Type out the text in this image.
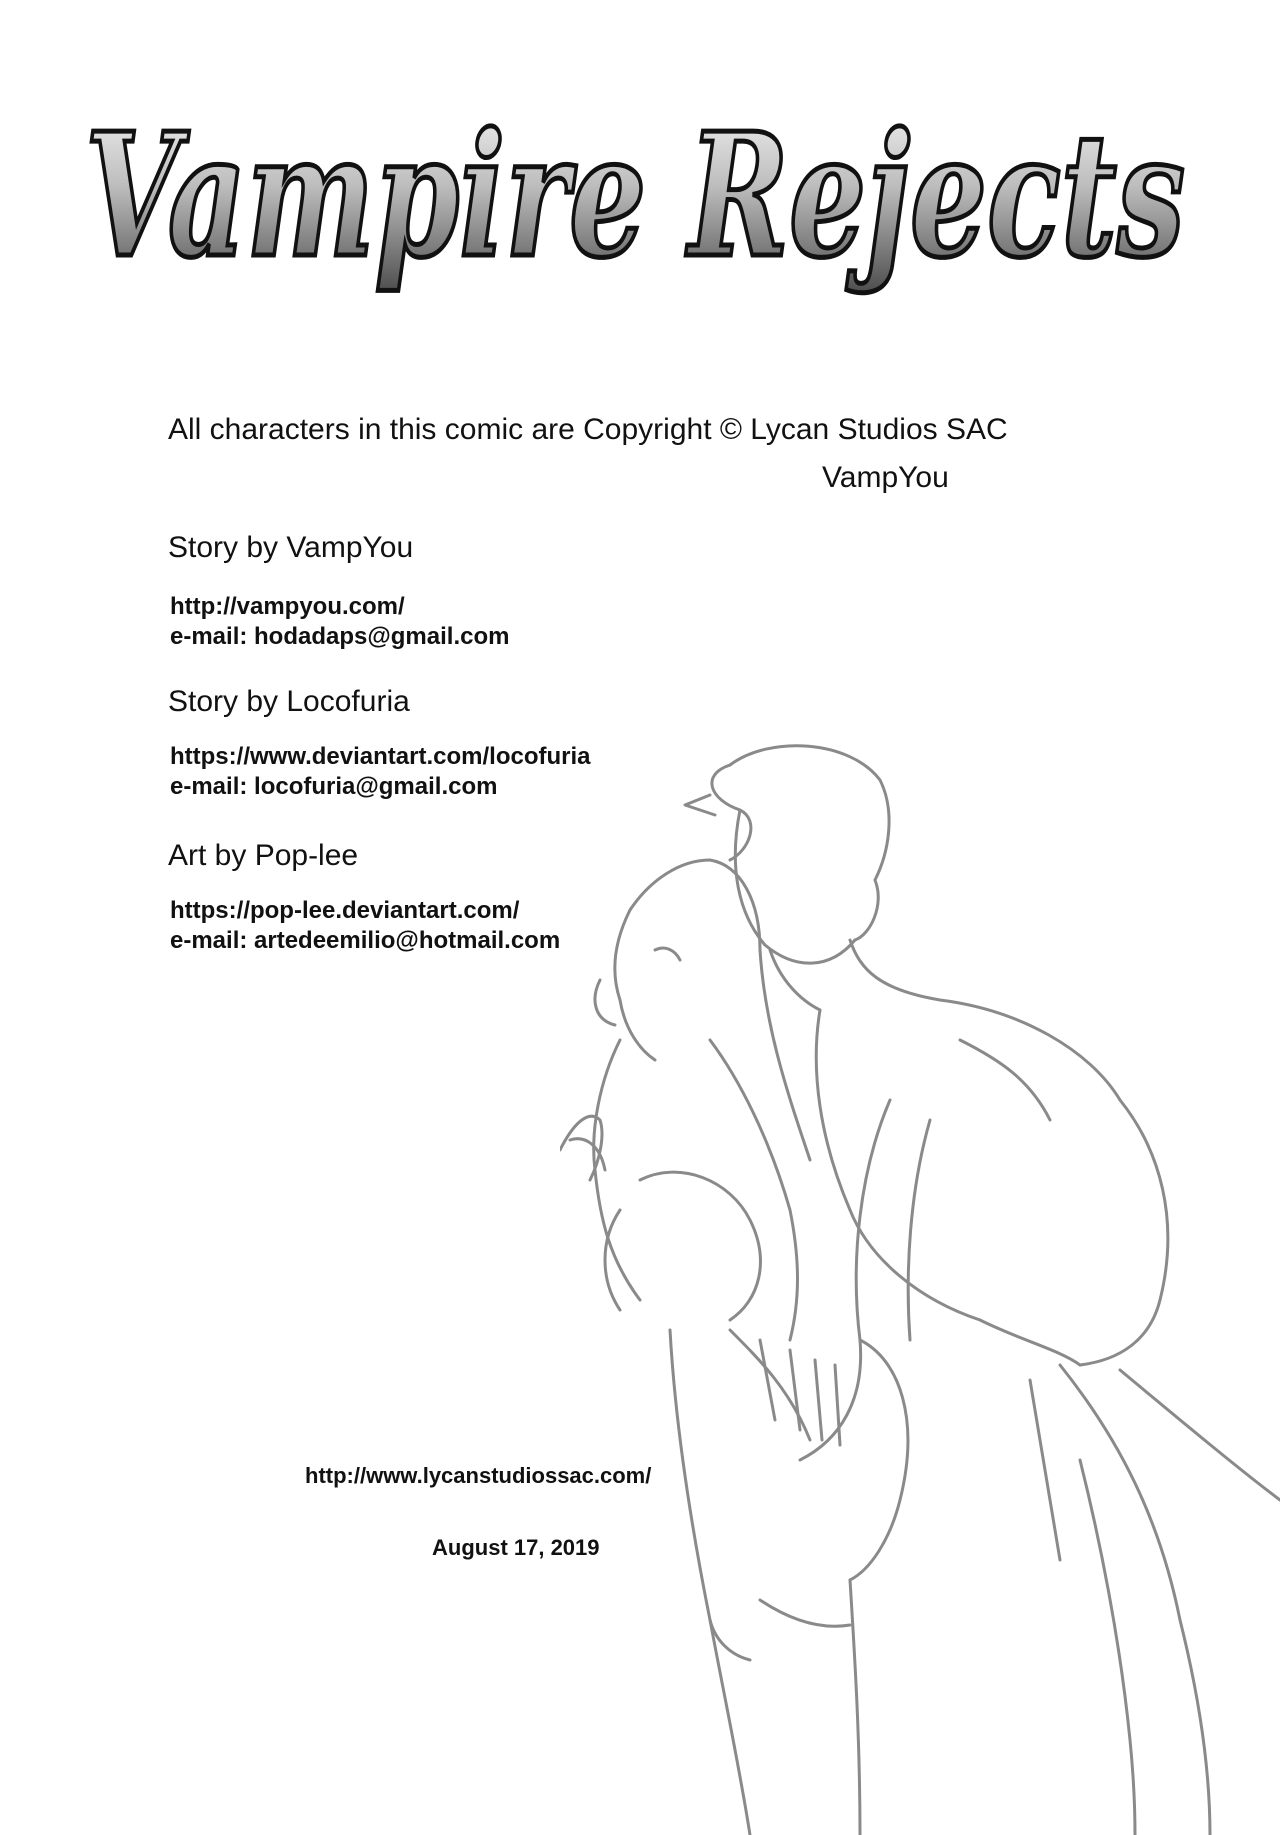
Vampire Rejects
All characters in this comic are Copyright © Lycan Studios SAC
VampYou
Story by VampYou
http://vampyou.com/
e-mail: hodadaps@gmail.com
Story by Locofuria
https://www.deviantart.com/locofuria
e-mail: locofuria@gmail.com
Art by Pop-lee
https://pop-lee.deviantart.com/
e-mail: artedeemilio@hotmail.com
http://www.lycanstudiossac.com/
August 17, 2019
